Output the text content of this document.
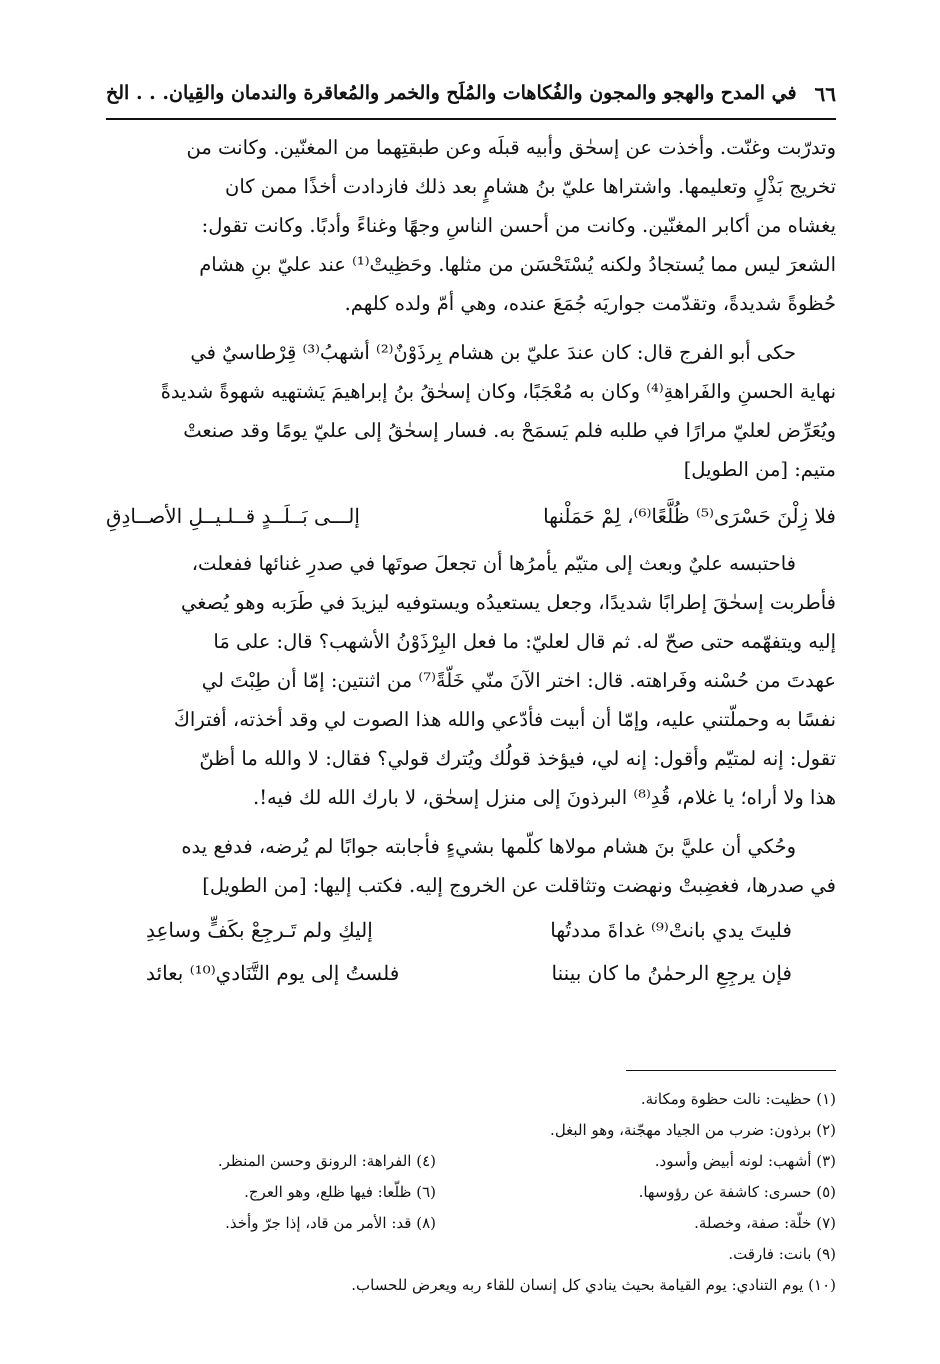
٦٦
في المدح والهجو والمجون والفُكاهات والمُلَح والخمر والمُعاقرة والندمان والقِيان. . . الخ

وتدرّبت وغنّت. وأخذت عن إسحٰق وأبيه قبلَه وعن طبقتِهما من المغنّين. وكانت من

تخريج بَذْلٍ وتعليمها. واشتراها عليّ بنُ هشامٍ بعد ذلك فازدادت أخذًا ممن كان

يغشاه من أكابر المغنّين. وكانت من أحسن الناسِ وجهًا وغناءً وأدبًا. وكانت تقول:

الشعرَ ليس مما يُستجادُ ولكنه يُسْتَحْسَن من مثلها. وحَظِيتْ⁽¹⁾ عند عليّ بنِ هشام

حُظوةً شديدةً، وتقدّمت جواريَه جُمَعَ عنده، وهي أمّ ولده كلهم.

حكى أبو الفرج قال: كان عندَ عليّ بن هشام بِرذَوْنٌ⁽²⁾ أشهبُ⁽³⁾ قِرْطاسيٌ في

نهاية الحسنِ والفَراهةِ⁽⁴⁾ وكان به مُعْجَبًا، وكان إسحٰقُ بنُ إبراهيمَ يَشتهيه شهوةً شديدةً

ويُعَرِّض لعليّ مرارًا في طلبه فلم يَسمَحْ به. فسار إسحٰقُ إلى عليّ يومًا وقد صنعتْ

متيم: [من الطويل]

فلا زِلْنَ حَسْرَى⁽⁵⁾ ظُلَّعًا⁽⁶⁾، لِمْ حَمَلْنها
إلـــى بَــلَــدٍ قــلـيــلِ الأصــادِقِ

فاحتبسه عليٌ وبعث إلى متيّم يأمرُها أن تجعلَ صوتَها في صدرِ غنائها ففعلت،

فأطربت إسحٰقَ إطرابًا شديدًا، وجعل يستعيدُه ويستوفيه ليزيدَ في طَرَبه وهو يُصغي

إليه ويتفهّمه حتى صحّ له. ثم قال لعليّ: ما فعل البِرْذَوْنُ الأشهب؟ قال: على مَا

عهدتَ من حُسْنه وفَراهته. قال: اختر الآنَ منّي خَلّةً⁽⁷⁾ من اثنتين: إمّا أن طِبْتَ لي

نفسًا به وحملّتني عليه، وإمّا أن أبيت فأدّعي والله هذا الصوت لي وقد أخذته، أفتراكَ

تقول: إنه لمتيّم وأقول: إنه لي، فيؤخذ قولُك ويُترك قولي؟ فقال: لا والله ما أظنّ

هذا ولا أراه؛ يا غلام، قُدِ⁽⁸⁾ البرذونَ إلى منزل إسحٰق، لا بارك الله لك فيه!.

وحُكي أن عليَّ بنَ هشام مولاها كلّمها بشيءٍ فأجابته جوابًا لم يُرضه، فدفع يده

في صدرها، فغضِبتْ ونهضت وتثاقلت عن الخروج إليه. فكتب إليها: [من الطويل]

فليتَ يدي بانتْ⁽⁹⁾ غداةَ مددتُها
إليكِ ولم تَـرجِعْ بكَفٍّ وساعِدِ
فإن يرجِعِ الرحمٰنُ ما كان بيننا
فلستُ إلى يوم التَّنَادي⁽¹⁰⁾ بعائد
(١) حظيت: نالت حظوة ومكانة.
(٢) برذون: ضرب من الجياد مهجّنة، وهو البغل.
(٣) أشهب: لونه أبيض وأسود.
(٤) الفراهة: الرونق وحسن المنظر.
(٥) حسرى: كاشفة عن رؤوسها.
(٦) ظلّعا: فيها ظلع، وهو العرج.
(٧) خلّة: صفة، وخصلة.
(٨) قد: الأمر من قاد، إذا جرّ وأخذ.
(٩) بانت: فارقت.
(١٠) يوم التنادي: يوم القيامة بحيث ينادي كل إنسان للقاء ربه ويعرض للحساب.
